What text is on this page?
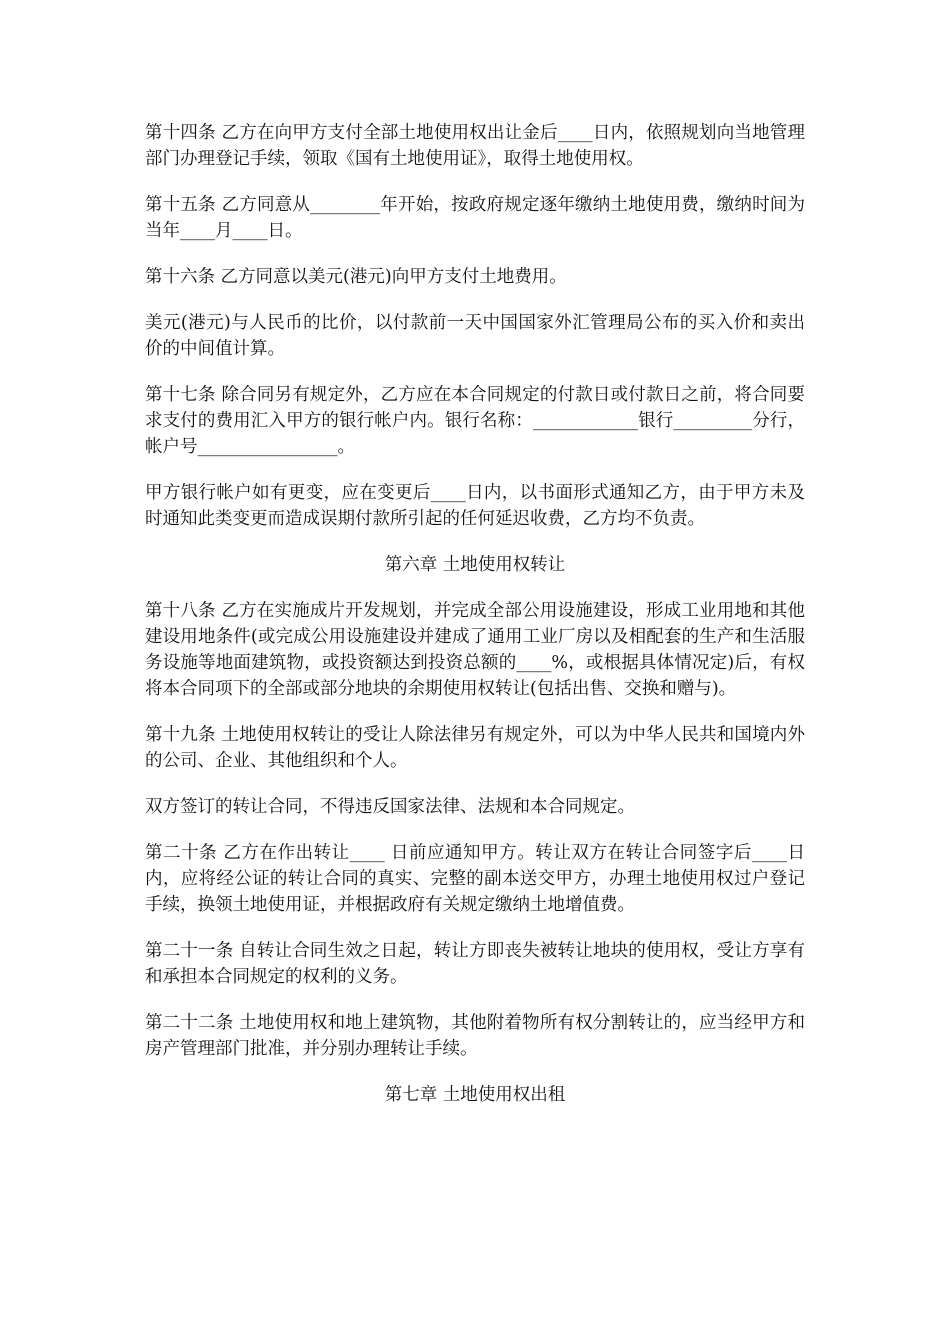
第十四条 乙方在向甲方支付全部土地使用权出让金后____日内，依照规划向当地管理部门办理登记手续，领取《国有土地使用证》，取得土地使用权。

第十五条 乙方同意从________年开始，按政府规定逐年缴纳土地使用费，缴纳时间为当年____月____日。

第十六条 乙方同意以美元(港元)向甲方支付土地费用。

美元(港元)与人民币的比价，以付款前一天中国国家外汇管理局公布的买入价和卖出价的中间值计算。

第十七条 除合同另有规定外，乙方应在本合同规定的付款日或付款日之前，将合同要求支付的费用汇入甲方的银行帐户内。银行名称：____________银行_________分行，帐户号________________。

甲方银行帐户如有更变，应在变更后____日内，以书面形式通知乙方，由于甲方未及时通知此类变更而造成误期付款所引起的任何延迟收费，乙方均不负责。

第六章 土地使用权转让

第十八条 乙方在实施成片开发规划，并完成全部公用设施建设，形成工业用地和其他建设用地条件(或完成公用设施建设并建成了通用工业厂房以及相配套的生产和生活服务设施等地面建筑物，或投资额达到投资总额的____%，或根据具体情况定)后，有权将本合同项下的全部或部分地块的余期使用权转让(包括出售、交换和赠与)。

第十九条 土地使用权转让的受让人除法律另有规定外，可以为中华人民共和国境内外的公司、企业、其他组织和个人。

双方签订的转让合同，不得违反国家法律、法规和本合同规定。

第二十条 乙方在作出转让____ 日前应通知甲方。转让双方在转让合同签字后____日内，应将经公证的转让合同的真实、完整的副本送交甲方，办理土地使用权过户登记手续，换领土地使用证，并根据政府有关规定缴纳土地增值费。

第二十一条 自转让合同生效之日起，转让方即丧失被转让地块的使用权，受让方享有和承担本合同规定的权利的义务。

第二十二条 土地使用权和地上建筑物，其他附着物所有权分割转让的，应当经甲方和房产管理部门批准，并分别办理转让手续。

第七章 土地使用权出租
